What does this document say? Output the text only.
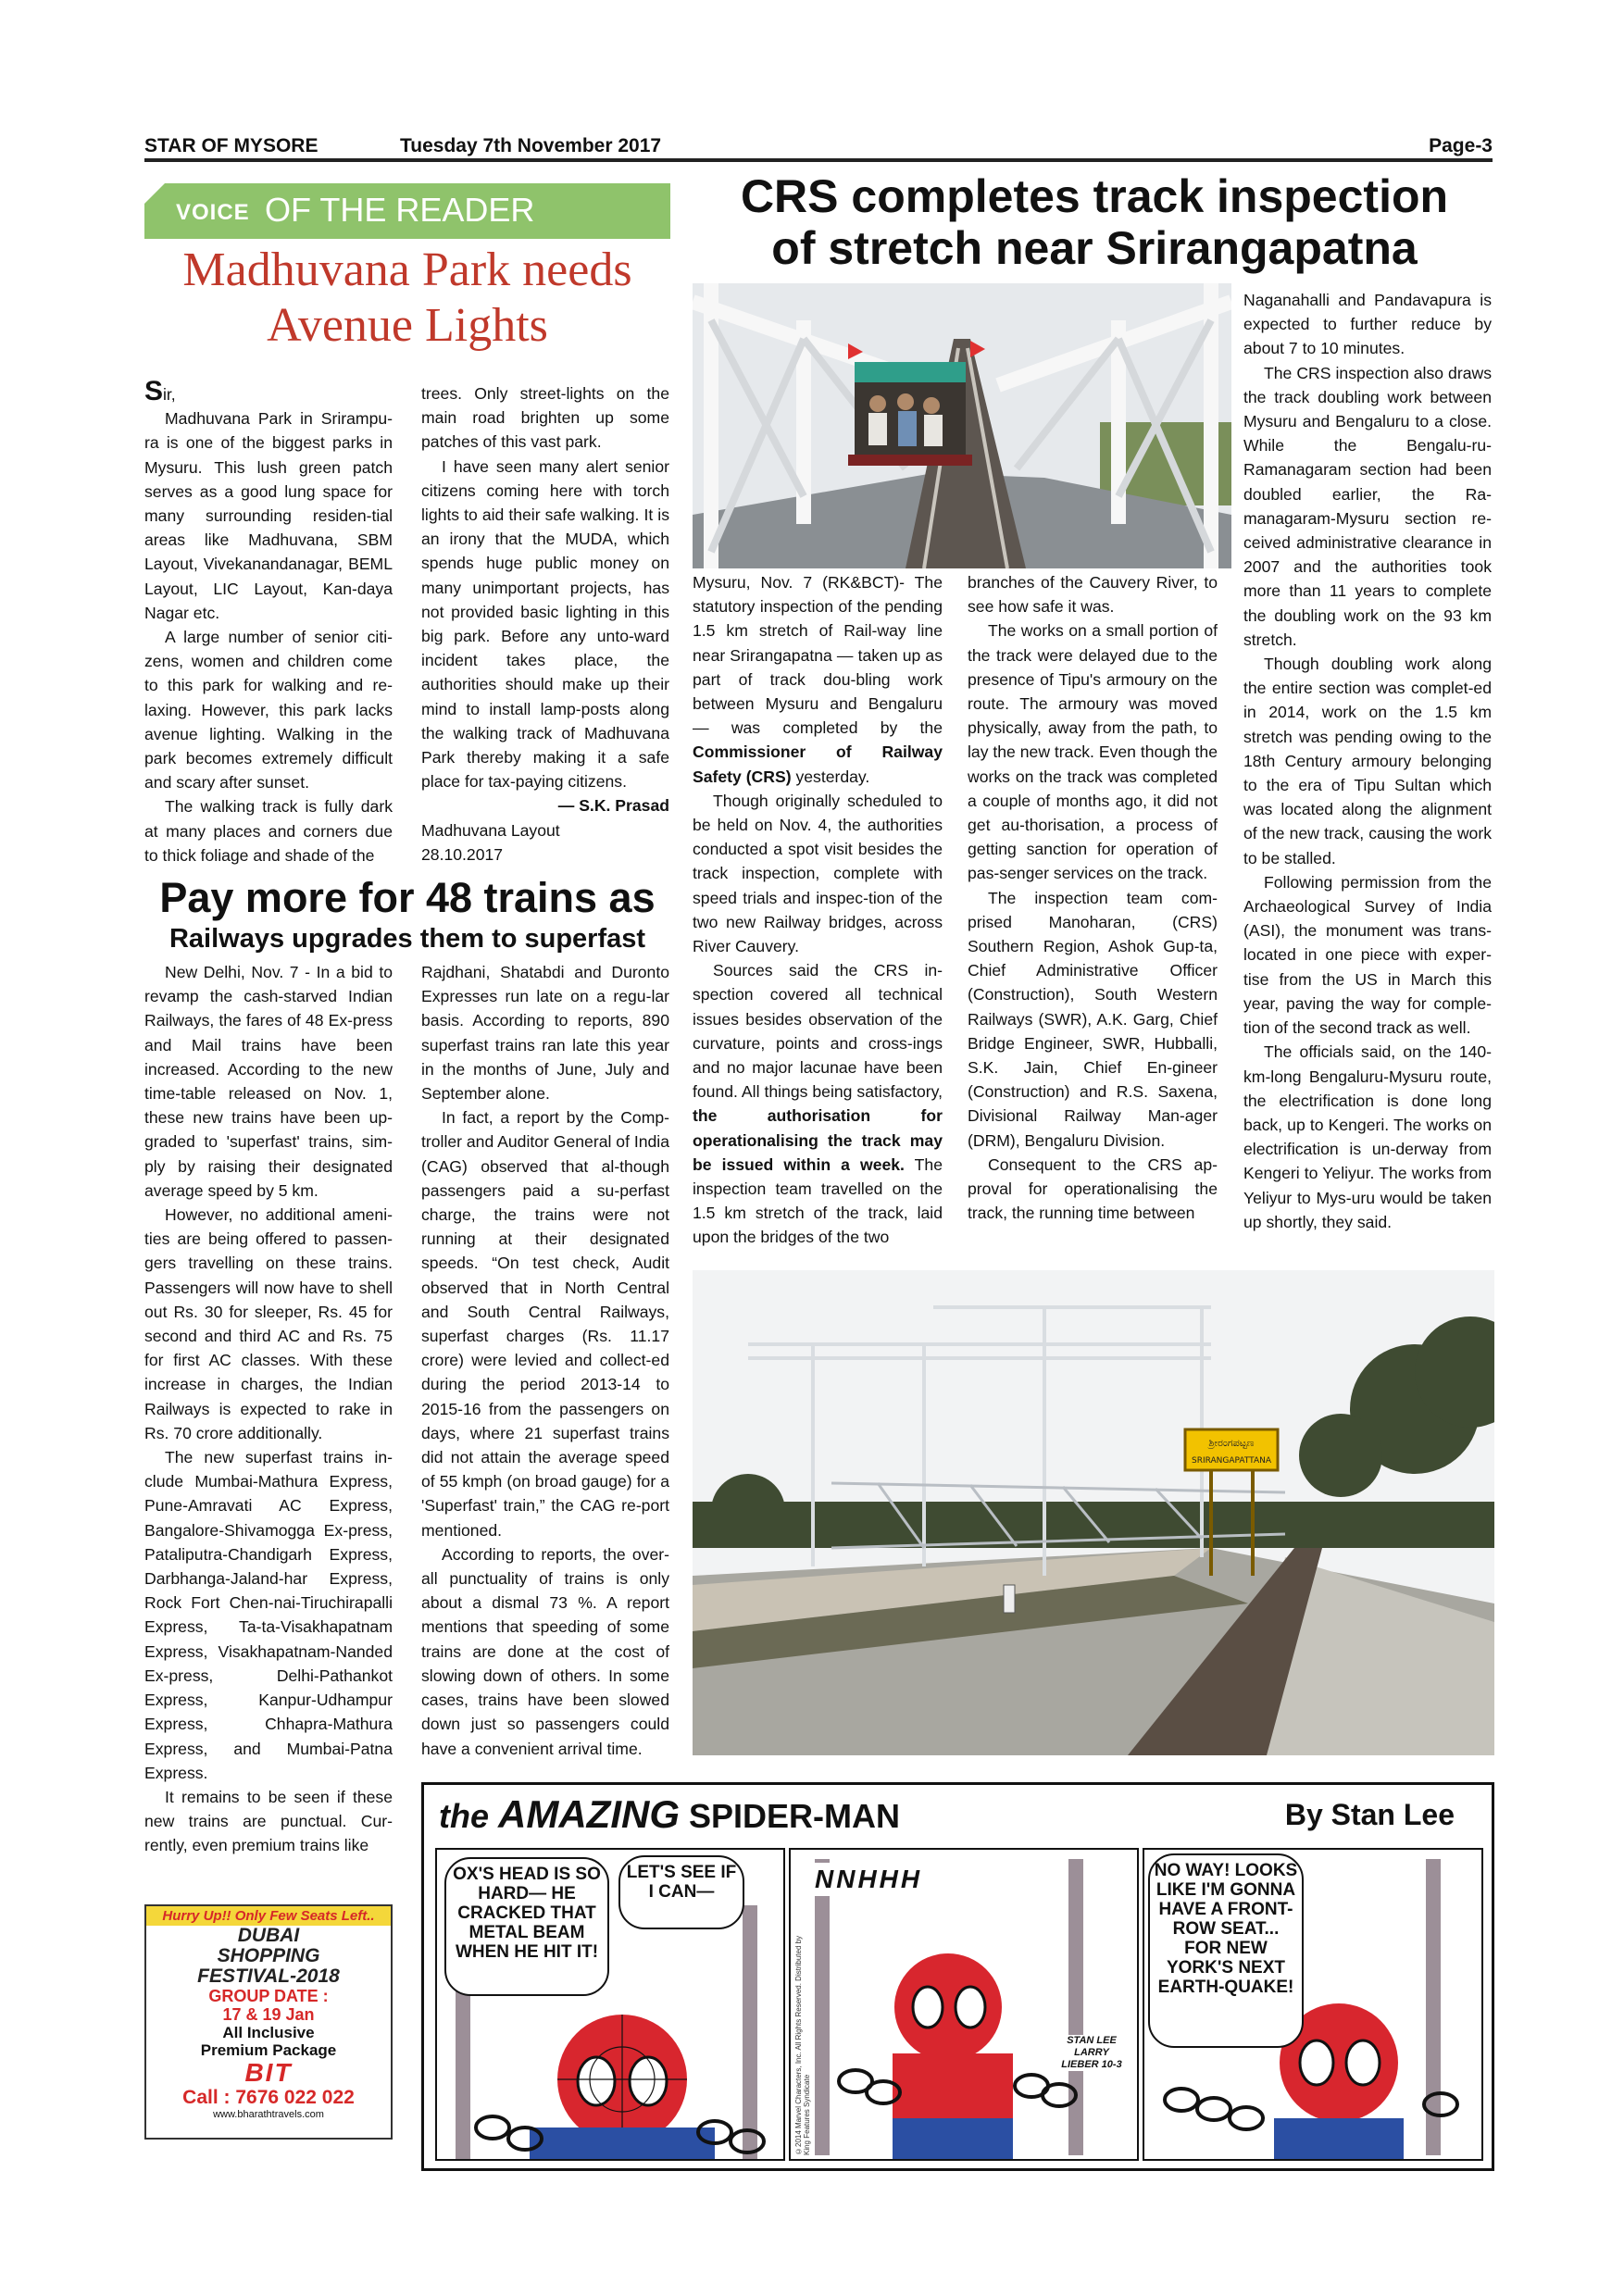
STAR OF MYSORE	Tuesday 7th November 2017	Page-3
VOICE OF THE READER
Madhuvana Park needs
Avenue Lights

Sir,

Madhuvana Park in Srirampu-ra is one of the biggest parks in Mysuru. This lush green patch serves as a good lung space for many surrounding residen-tial areas like Madhuvana, SBM Layout, Vivekanandanagar, BEML Layout, LIC Layout, Kan-daya Nagar etc.

A large number of senior citi-zens, women and children come to this park for walking and re-laxing. However, this park lacks avenue lighting. Walking in the park becomes extremely difficult and scary after sunset.

The walking track is fully dark at many places and corners due to thick foliage and shade of the

trees. Only street-lights on the main road brighten up some patches of this vast park.

I have seen many alert senior citizens coming here with torch lights to aid their safe walking. It is an irony that the MUDA, which spends huge public money on many unimportant projects, has not provided basic lighting in this big park. Before any unto-ward incident takes place, the authorities should make up their mind to install lamp-posts along the walking track of Madhuvana Park thereby making it a safe place for tax-paying citizens.

— S.K. Prasad
Madhuvana Layout
28.10.2017
CRS completes track inspection
of stretch near Srirangapatna

Mysuru, Nov. 7 (RK&BCT)- The statutory inspection of the pending 1.5 km stretch of Rail-way line near Srirangapatna — taken up as part of track dou-bling work between Mysuru and Bengaluru — was completed by the Commissioner of Railway Safety (CRS) yesterday.

Though originally scheduled to be held on Nov. 4, the authorities conducted a spot visit besides the track inspection, complete with speed trials and inspec-tion of the two new Railway bridges, across River Cauvery.

Sources said the CRS in-spection covered all technical issues besides observation of the curvature, points and cross-ings and no major lacunae have been found. All things being satisfactory, the authorisation for operationalising the track may be issued within a week. The inspection team travelled on the 1.5 km stretch of the track, laid upon the bridges of the two

branches of the Cauvery River, to see how safe it was.

The works on a small portion of the track were delayed due to the presence of Tipu's armoury on the route. The armoury was moved physically, away from the path, to lay the new track. Even though the works on the track was completed a couple of months ago, it did not get au-thorisation, a process of getting sanction for operation of pas-senger services on the track.

The inspection team com-prised Manoharan, (CRS) Southern Region, Ashok Gup-ta, Chief Administrative Officer (Construction), South Western Railways (SWR), A.K. Garg, Chief Bridge Engineer, SWR, Hubballi, S.K. Jain, Chief En-gineer (Construction) and R.S. Saxena, Divisional Railway Man-ager (DRM), Bengaluru Division.

Consequent to the CRS ap-proval for operationalising the track, the running time between

Naganahalli and Pandavapura is expected to further reduce by about 7 to 10 minutes.

The CRS inspection also draws the track doubling work between Mysuru and Bengaluru to a close. While the Bengalu-ru-Ramanagaram section had been doubled earlier, the Ra-managaram-Mysuru section re-ceived administrative clearance in 2007 and the authorities took more than 11 years to complete the doubling work on the 93 km stretch.

Though doubling work along the entire section was complet-ed in 2014, work on the 1.5 km stretch was pending owing to the 18th Century armoury belonging to the era of Tipu Sultan which was located along the alignment of the new track, causing the work to be stalled.

Following permission from the Archaeological Survey of India (ASI), the monument was trans-located in one piece with exper-tise from the US in March this year, paving the way for comple-tion of the second track as well.

The officials said, on the 140-km-long Bengaluru-Mysuru route, the electrification is done long back, up to Kengeri. The works on electrification is un-derway from Kengeri to Yeliyur. The works from Yeliyur to Mys-uru would be taken up shortly, they said.

ಶ್ರೀರಂಗಪಟ್ಟಣ
SRIRANGAPATTANA
Pay more for 48 trains as
Railways upgrades them to superfast

New Delhi, Nov. 7 - In a bid to revamp the cash-starved Indian Railways, the fares of 48 Ex-press and Mail trains have been increased. According to the new time-table released on Nov. 1, these new trains have been up-graded to 'superfast' trains, sim-ply by raising their designated average speed by 5 km.

However, no additional ameni-ties are being offered to passen-gers travelling on these trains. Passengers will now have to shell out Rs. 30 for sleeper, Rs. 45 for second and third AC and Rs. 75 for first AC classes. With these increase in charges, the Indian Railways is expected to rake in Rs. 70 crore additionally.

The new superfast trains in-clude Mumbai-Mathura Express, Pune-Amravati AC Express, Bangalore-Shivamogga Ex-press, Pataliputra-Chandigarh Express, Darbhanga-Jaland-har Express, Rock Fort Chen-nai-Tiruchirapalli Express, Ta-ta-Visakhapatnam Express, Visakhapatnam-Nanded Ex-press, Delhi-Pathankot Express, Kanpur-Udhampur Express, Chhapra-Mathura Express, and Mumbai-Patna Express.

It remains to be seen if these new trains are punctual. Cur-rently, even premium trains like

Rajdhani, Shatabdi and Duronto Expresses run late on a regu-lar basis. According to reports, 890 superfast trains ran late this year in the months of June, July and September alone.

In fact, a report by the Comp-troller and Auditor General of India (CAG) observed that al-though passengers paid a su-perfast charge, the trains were not running at their designated speeds. “On test check, Audit observed that in North Central and South Central Railways, superfast charges (Rs. 11.17 crore) were levied and collect-ed during the period 2013-14 to 2015-16 from the passengers on days, where 21 superfast trains did not attain the average speed of 55 kmph (on broad gauge) for a 'Superfast' train,” the CAG re-port mentioned.

According to reports, the over-all punctuality of trains is only about a dismal 73 %. A report mentions that speeding of some trains are done at the cost of slowing down of others. In some cases, trains have been slowed down just so passengers could have a convenient arrival time.

Hurry Up!! Only Few Seats Left..
DUBAI
SHOPPING
FESTIVAL-2018
GROUP DATE :
17 & 19 Jan
All Inclusive
Premium Package
BIT
Call : 7676 022 022
www.bharathtravels.com
the AMAZING SPIDER-MAN	By Stan Lee
OX'S HEAD IS SO HARD— HE CRACKED THAT METAL BEAM WHEN HE HIT IT!
LET'S SEE IF I CAN—	NNHHH
©2014 Marvel Characters, Inc. All Rights Reserved. Distributed by King Features Syndicate
STAN LEE LARRY LIEBER 10-3
NO WAY! LOOKS LIKE I'M GONNA HAVE A FRONT-ROW SEAT... FOR NEW YORK'S NEXT EARTH-QUAKE!
